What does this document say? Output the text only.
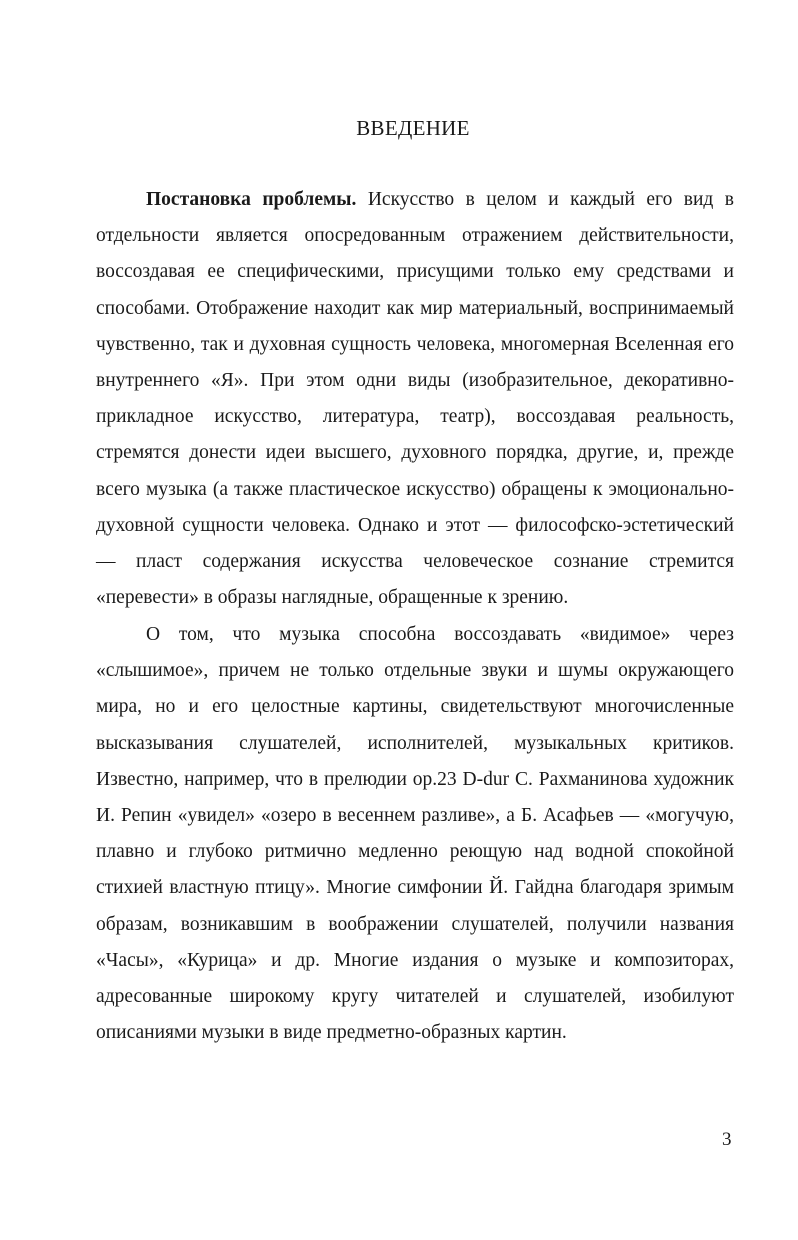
ВВЕДЕНИЕ

Постановка проблемы. Искусство в целом и каждый его вид в отдельности является опосредованным отражением действительности, воссоздавая ее специфическими, присущими только ему средствами и способами. Отображение находит как мир материальный, воспринимаемый чувственно, так и духовная сущность человека, многомерная Вселенная его внутреннего «Я». При этом одни виды (изобразительное, декоративно-прикладное искусство, литература, театр), воссоздавая реальность, стремятся донести идеи высшего, духовного порядка, другие, и, прежде всего музыка (а также пластическое искусство) обращены к эмоционально-духовной сущности человека. Однако и этот — философско-эстетический — пласт содержания искусства человеческое сознание стремится «перевести» в образы наглядные, обращенные к зрению.

О том, что музыка способна воссоздавать «видимое» через «слышимое», причем не только отдельные звуки и шумы окружающего мира, но и его целостные картины, свидетельствуют многочисленные высказывания слушателей, исполнителей, музыкальных критиков. Известно, например, что в прелюдии op.23 D-dur С. Рахманинова художник И. Репин «увидел» «озеро в весеннем разливе», а Б. Асафьев — «могучую, плавно и глубоко ритмично медленно реющую над водной спокойной стихией властную птицу». Многие симфонии Й. Гайдна благодаря зримым образам, возникавшим в воображении слушателей, получили названия «Часы», «Курица» и др. Многие издания о музыке и композиторах, адресованные широкому кругу читателей и слушателей, изобилуют описаниями музыки в виде предметно-образных картин.

3
